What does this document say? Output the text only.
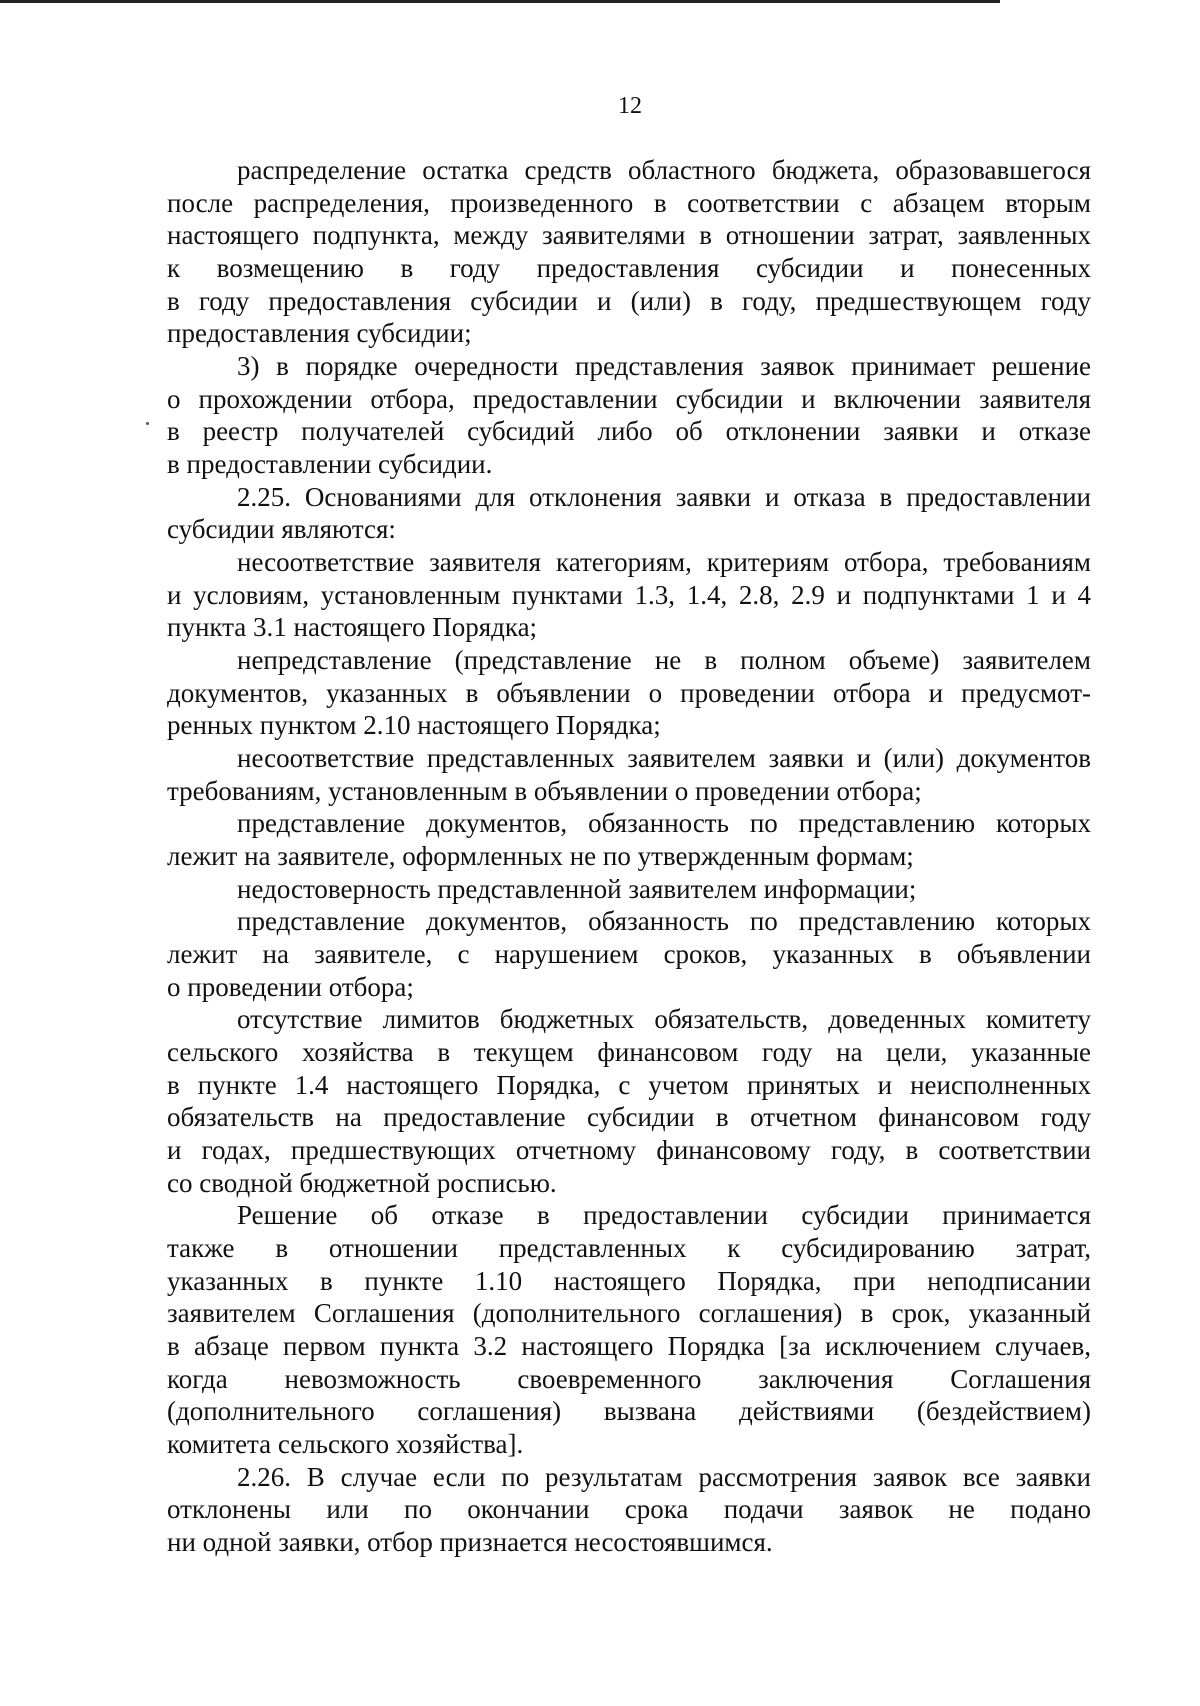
12
распределение остатка средств областного бюджета, образовавшегося
после распределения, произведенного в соответствии с абзацем вторым
настоящего подпункта, между заявителями в отношении затрат, заявленных
к возмещению в году предоставления субсидии и понесенных
в году предоставления субсидии и (или) в году, предшествующем году
предоставления субсидии;
3) в порядке очередности представления заявок принимает решение
о прохождении отбора, предоставлении субсидии и включении заявителя
в реестр получателей субсидий либо об отклонении заявки и отказе
в предоставлении субсидии.
2.25. Основаниями для отклонения заявки и отказа в предоставлении
субсидии являются:
несоответствие заявителя категориям, критериям отбора, требованиям
и условиям, установленным пунктами 1.3, 1.4, 2.8, 2.9 и подпунктами 1 и 4
пункта 3.1 настоящего Порядка;
непредставление (представление не в полном объеме) заявителем
документов, указанных в объявлении о проведении отбора и предусмот-
ренных пунктом 2.10 настоящего Порядка;
несоответствие представленных заявителем заявки и (или) документов
требованиям, установленным в объявлении о проведении отбора;
представление документов, обязанность по представлению которых
лежит на заявителе, оформленных не по утвержденным формам;
недостоверность представленной заявителем информации;
представление документов, обязанность по представлению которых
лежит на заявителе, с нарушением сроков, указанных в объявлении
о проведении отбора;
отсутствие лимитов бюджетных обязательств, доведенных комитету
сельского хозяйства в текущем финансовом году на цели, указанные
в пункте 1.4 настоящего Порядка, с учетом принятых и неисполненных
обязательств на предоставление субсидии в отчетном финансовом году
и годах, предшествующих отчетному финансовому году, в соответствии
со сводной бюджетной росписью.
Решение об отказе в предоставлении субсидии принимается
также в отношении представленных к субсидированию затрат,
указанных в пункте 1.10 настоящего Порядка, при неподписании
заявителем Соглашения (дополнительного соглашения) в срок, указанный
в абзаце первом пункта 3.2 настоящего Порядка [за исключением случаев,
когда невозможность своевременного заключения Соглашения
(дополнительного соглашения) вызвана действиями (бездействием)
комитета сельского хозяйства].
2.26. В случае если по результатам рассмотрения заявок все заявки
отклонены или по окончании срока подачи заявок не подано
ни одной заявки, отбор признается несостоявшимся.
